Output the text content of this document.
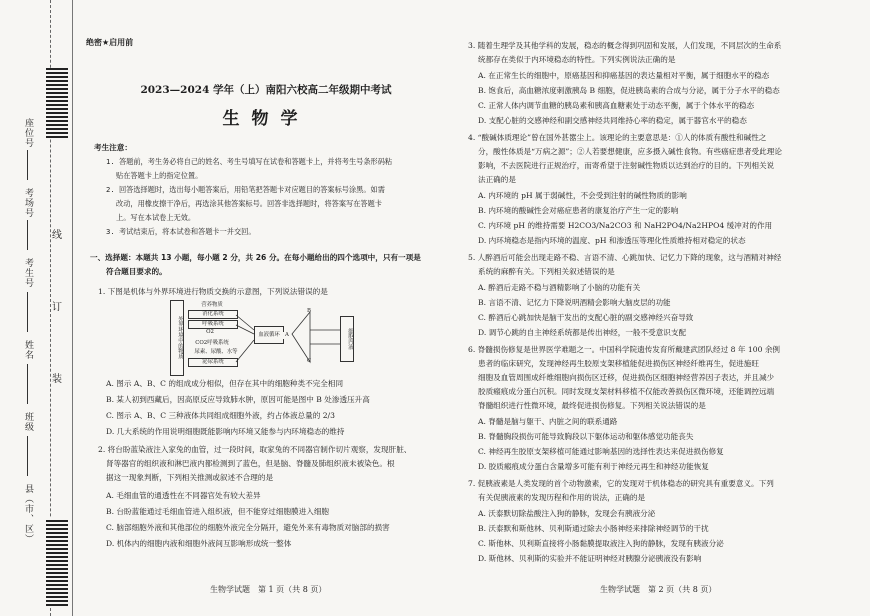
座位号
考场号
考生号
姓名
班级
县（市、区）
线
订
装
绝密★启用前
2023—2024 学年（上）南阳六校高二年级期中考试
生物学
考生注意：
1. 答题前，考生务必将自己的姓名、考生号填写在试卷和答题卡上，并将考生号条形码粘
贴在答题卡上的指定位置。
2. 回答选择题时，选出每小题答案后，用铅笔把答题卡对应题目的答案标号涂黑。如需
改动，用橡皮擦干净后，再选涂其他答案标号。回答非选择题时，将答案写在答题卡
上。写在本试卷上无效。
3. 考试结束后，将本试卷和答题卡一并交回。
一、选择题：本题共 13 小题，每小题 2 分，共 26 分。在每小题给出的四个选项中，只有一项是
符合题目要求的。
1. 下图是机体与外界环境进行物质交换的示意图，下列说法错误的是
A. 图示 A、B、C 的组成成分相似，但存在其中的细胞种类不完全相同
B. 某人初到西藏后，因高原反应导致肺水肿，原因可能是图中 B 处渗透压升高
C. 图示 A、B、C 三种液体共同组成细胞外液，约占体液总量的 2/3
D. 几大系统的作用说明细胞既能影响内环境又能参与内环境稳态的维持
2. 将台盼蓝染液注入家兔的血管，过一段时间，取家兔的不同器官制作切片观察，发现肝脏、
肾等器官的组织液和淋巴液内都检测到了蓝色，但是脑、脊髓及肺组织液未被染色。根
据这一现象判断，下列相关推测或叙述不合理的是
A. 毛细血管的通透性在不同器官处有较大差异
B. 台盼蓝能通过毛细血管进入组织液，但不能穿过细胞膜进入细胞
C. 脑部细胞外液和其他部位的细胞外液完全分隔开，避免外来有毒物质对脑部的损害
D. 机体内的细胞内液和细胞外液间互影响形成统一整体
外界环境中的物质
营养物质
消化系统
呼吸系统
O2
CO2呼吸系统
尿素、尿酸、水等
泌尿系统
血液循环 A
B
C
细胞内液
3. 随着生理学及其他学科的发展，稳态的概念得到巩固和发展，人们发现，不同层次的生命系
统都存在类似于内环境稳态的特性。下列实例说法正确的是
A. 在正常生长的细胞中，原癌基因和抑癌基因的表达量相对平衡，属于细胞水平的稳态
B. 饱食后，高血糖浓度刺激胰岛 B 细胞，促进胰岛素的合成与分泌，属于分子水平的稳态
C. 正常人体内调节血糖的胰岛素和胰高血糖素处于动态平衡，属于个体水平的稳态
D. 支配心脏的交感神经和副交感神经共同维持心率的稳定，属于器官水平的稳态
4. “酸碱体质理论”曾在国外甚嚣尘上。该理论的主要意思是：①人的体质有酸性和碱性之
分，酸性体质是“万病之源”；②人若要想健康，应多摄入碱性食物。有些癌症患者受此理论
影响，不去医院进行正规治疗，而寄希望于注射碱性物质以达到治疗的目的。下列相关说
法正确的是
A. 内环境的 pH 属于弱碱性，不会受到注射的碱性物质的影响
B. 内环境的酸碱性会对癌症患者的康复治疗产生一定的影响
C. 内环境 pH 的维持需要 H2CO3/Na2CO3 和 NaH2PO4/Na2HPO4 缓冲对的作用
D. 内环境稳态是指内环境的温度、pH 和渗透压等理化性质维持相对稳定的状态
5. 人醉酒后可能会出现走路不稳、言语不清、心跳加快、记忆力下降的现象，这与酒精对神经
系统的麻醉有关。下列相关叙述错误的是
A. 醉酒后走路不稳与酒精影响了小脑的功能有关
B. 言语不清、记忆力下降说明酒精会影响大脑皮层的功能
C. 醉酒后心跳加快是脑干发出的支配心脏的副交感神经兴奋导致
D. 调节心跳的自主神经系统都是传出神经，一般不受意识支配
6. 脊髓损伤修复是世界医学难题之一。中国科学院遗传发育所戴建武团队经过 8 年 100 余例
患者的临床研究，发现神经再生胶原支架移植能促进损伤区神经纤维再生，促进施旺
细胞及血管周围成纤维细胞向损伤区迁移，促进损伤区细胞神经营养因子表达，并且减少
胶质瘢痕成分蛋白沉积。同时发现支架材料移植不仅能改善损伤区微环境，还能调控远端
脊髓组织进行性微环境，最终促进损伤修复。下列相关说法错误的是
A. 脊髓是脑与躯干、内脏之间的联系通路
B. 脊髓胸段损伤可能导致胸段以下躯体运动和躯体感觉功能丧失
C. 神经再生胶原支架移植可能通过影响基因的选择性表达来促进损伤修复
D. 胶质瘢痕成分蛋白含量增多可能有利于神经元再生和神经功能恢复
7. 促胰液素是人类发现的首个动物激素，它的发现对于机体稳态的研究具有重要意义。下列
有关促胰液素的发现历程和作用的说法，正确的是
A. 沃泰默切除盐酸注入狗的静脉，发现会有胰液分泌
B. 沃泰默和斯他林、贝利斯通过除去小肠神经来排除神经调节的干扰
C. 斯他林、贝利斯直接将小肠黏膜提取液注入狗的静脉，发现有胰液分泌
D. 斯他林、贝利斯的实验并不能证明神经对胰腺分泌胰液没有影响
生物学试题　第 1 页（共 8 页）	生物学试题　第 2 页（共 8 页）
